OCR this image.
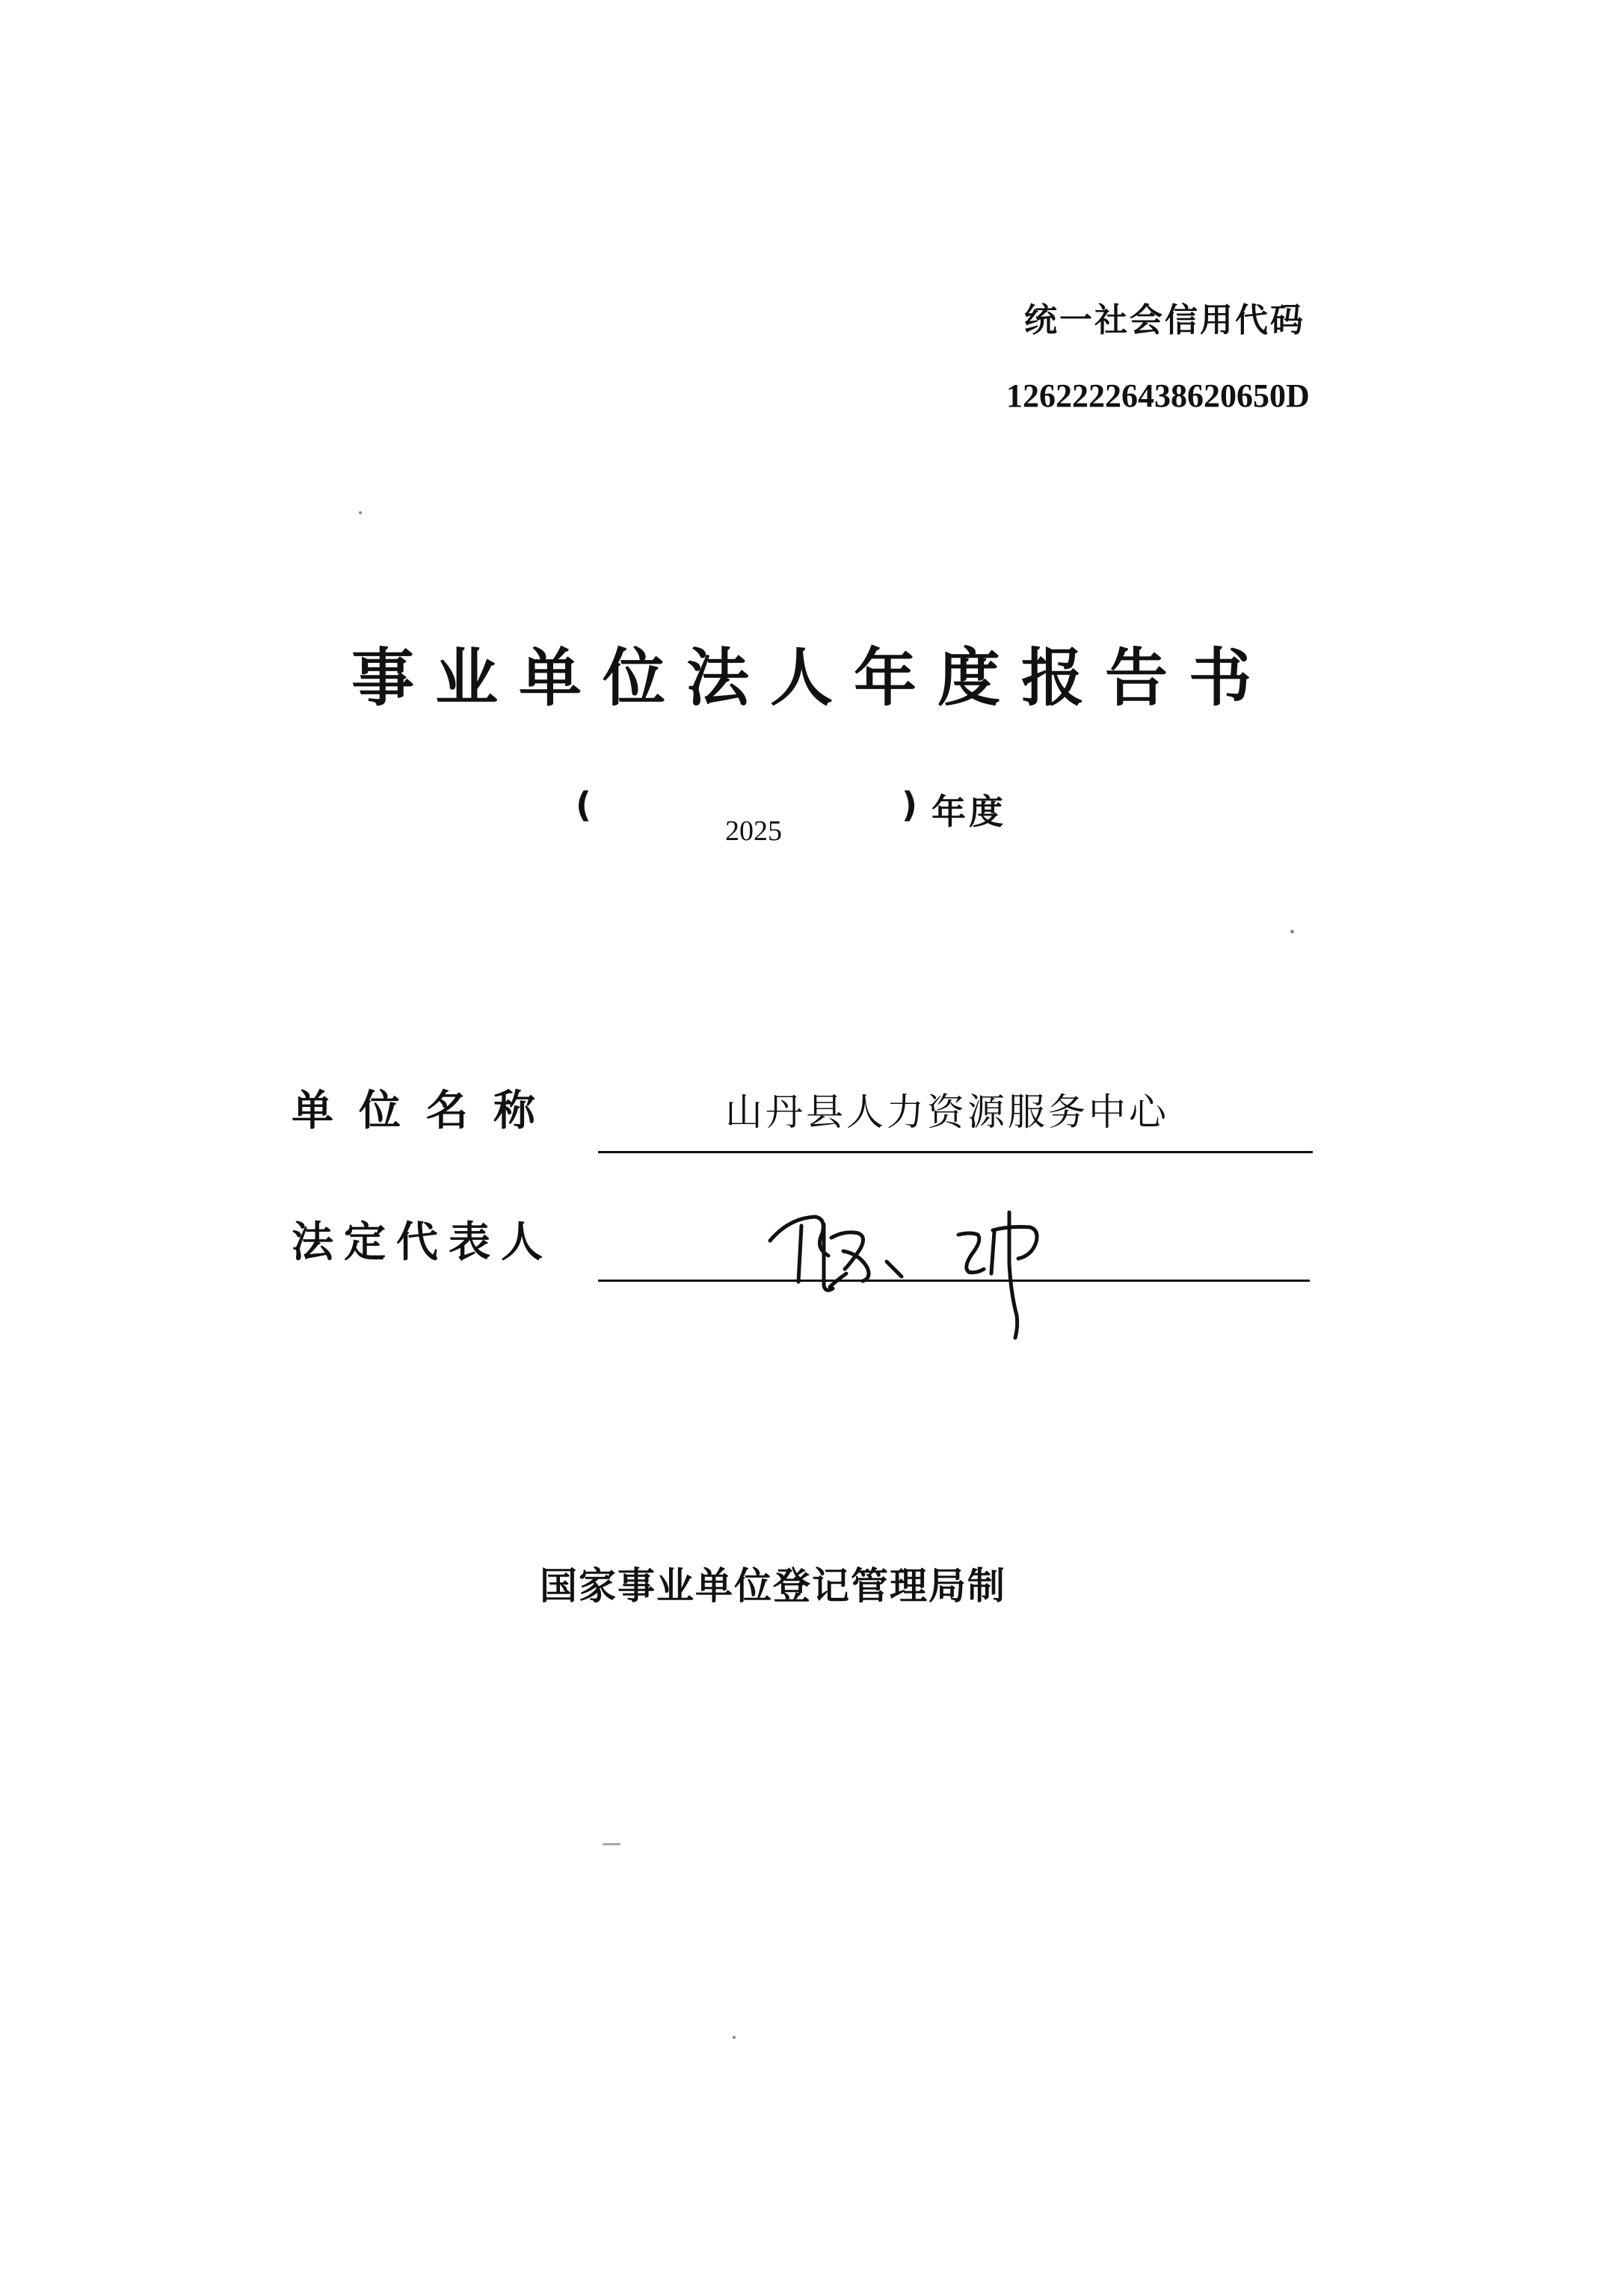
统一社会信用代码
12622226438620650D
事业单位法人年度报告书
(
2025
) 年度
单位名称	山丹县人力资源服务中心
法定代表人
国家事业单位登记管理局制
